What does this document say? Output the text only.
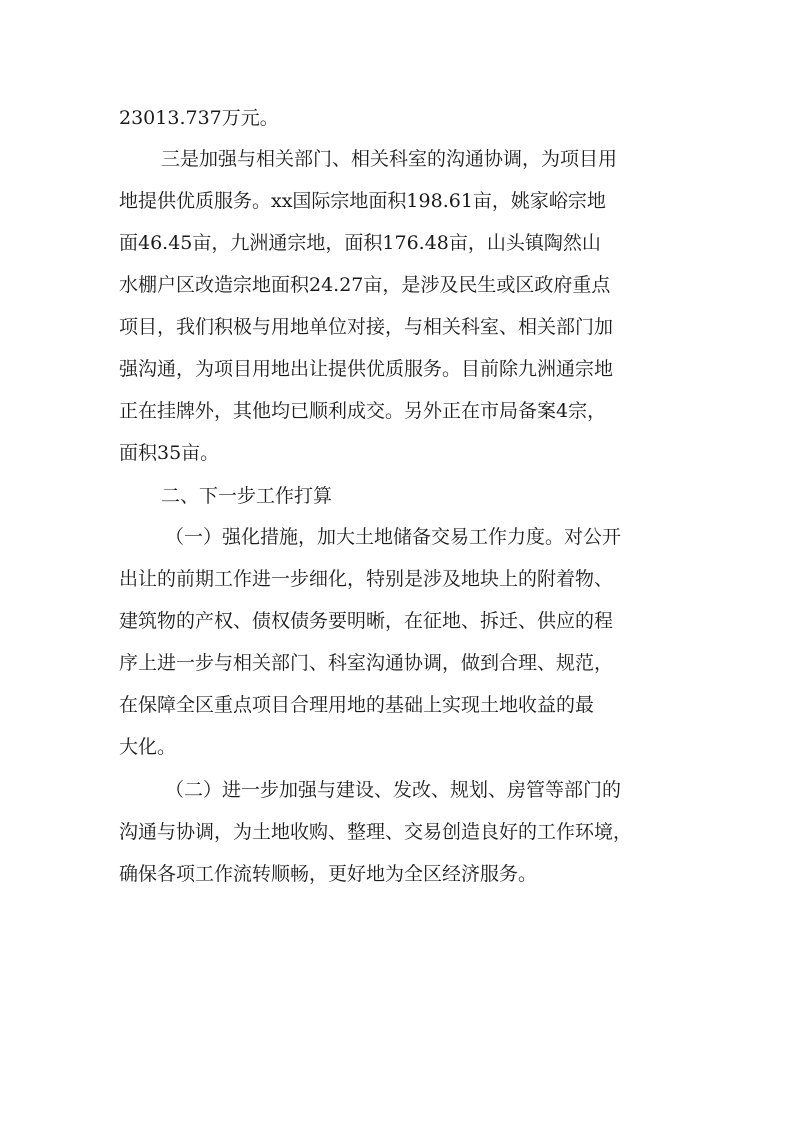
23013.737万元。
三是加强与相关部门、相关科室的沟通协调，为项目用
地提供优质服务。xx国际宗地面积198.61亩，姚家峪宗地
面46.45亩，九洲通宗地，面积176.48亩，山头镇陶然山
水棚户区改造宗地面积24.27亩，是涉及民生或区政府重点
项目，我们积极与用地单位对接，与相关科室、相关部门加
强沟通，为项目用地出让提供优质服务。目前除九洲通宗地
正在挂牌外，其他均已顺利成交。另外正在市局备案4宗，
面积35亩。
二、下一步工作打算
（一）强化措施，加大土地储备交易工作力度。对公开
出让的前期工作进一步细化，特别是涉及地块上的附着物、
建筑物的产权、债权债务要明晰，在征地、拆迁、供应的程
序上进一步与相关部门、科室沟通协调，做到合理、规范，
在保障全区重点项目合理用地的基础上实现土地收益的最
大化。
（二）进一步加强与建设、发改、规划、房管等部门的
沟通与协调，为土地收购、整理、交易创造良好的工作环境，
确保各项工作流转顺畅，更好地为全区经济服务。
